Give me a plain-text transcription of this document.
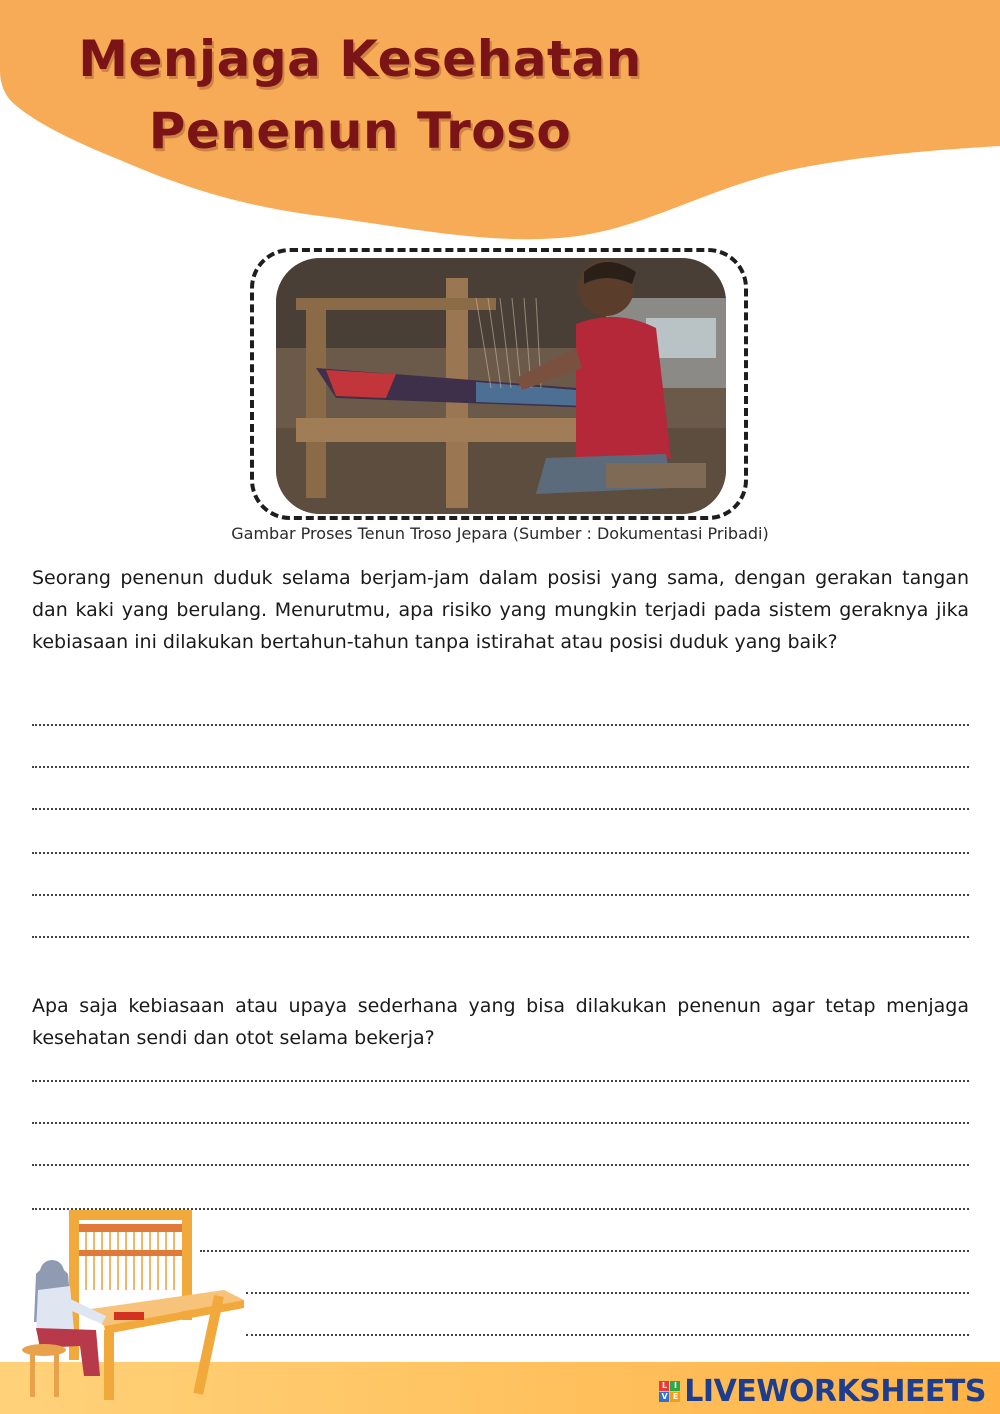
Menjaga Kesehatan
Penenun Troso
Gambar Proses Tenun Troso Jepara (Sumber : Dokumentasi Pribadi)

Seorang penenun duduk selama berjam-jam dalam posisi yang sama, dengan gerakan tangan dan kaki yang berulang. Menurutmu, apa risiko yang mungkin terjadi pada sistem geraknya jika kebiasaan ini dilakukan bertahun-tahun tanpa istirahat atau posisi duduk yang baik?

Apa saja kebiasaan atau upaya sederhana yang bisa dilakukan penenun agar tetap menjaga kesehatan sendi dan otot selama bekerja?

L I
V E LIVEWORKSHEETS
